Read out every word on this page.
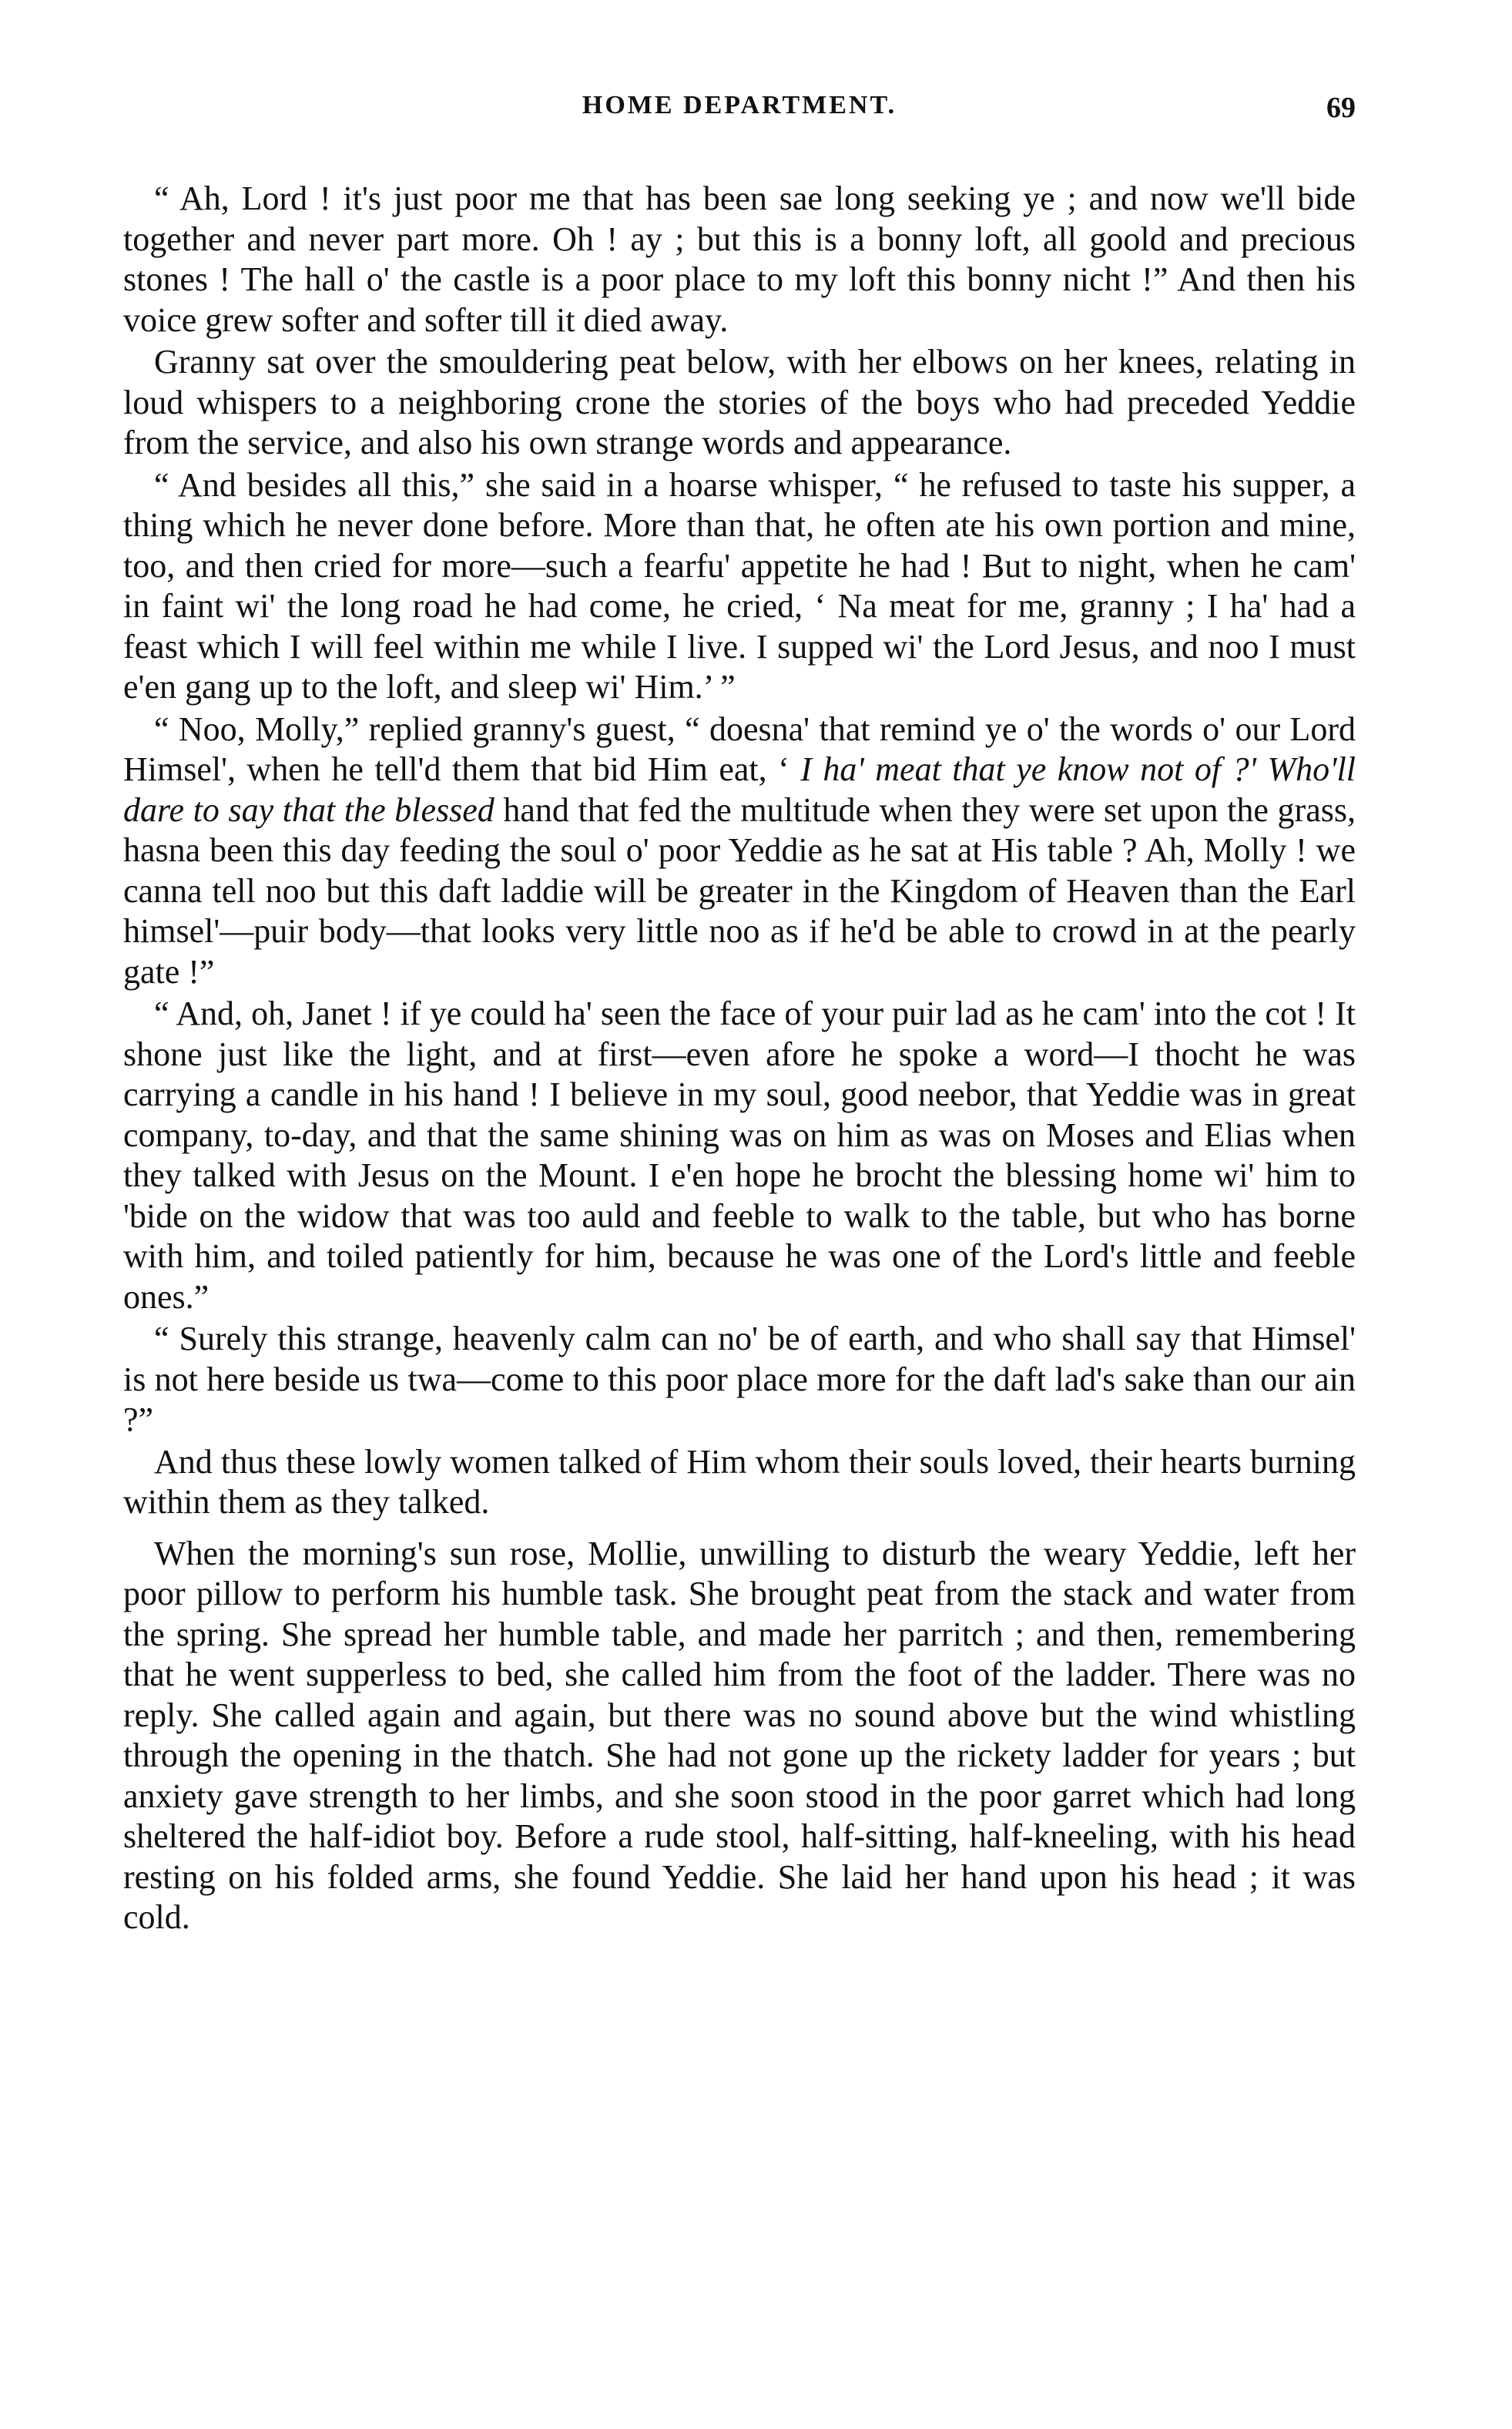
HOME DEPARTMENT.	69

“ Ah, Lord ! it's just poor me that has been sae long seeking ye ; and now we'll bide together and never part more. Oh ! ay ; but this is a bonny loft, all goold and precious stones ! The hall o' the castle is a poor place to my loft this bonny nicht !” And then his voice grew softer and softer till it died away.

Granny sat over the smouldering peat below, with her elbows on her knees, relating in loud whispers to a neighboring crone the stories of the boys who had preceded Yeddie from the service, and also his own strange words and appearance.

“ And besides all this,” she said in a hoarse whisper, “ he refused to taste his supper, a thing which he never done before. More than that, he often ate his own portion and mine, too, and then cried for more—such a fearfu' appetite he had ! But to night, when he cam' in faint wi' the long road he had come, he cried, ‘ Na meat for me, granny ; I ha' had a feast which I will feel within me while I live. I supped wi' the Lord Jesus, and noo I must e'en gang up to the loft, and sleep wi' Him.’ ”

“ Noo, Molly,” replied granny's guest, “ doesna' that remind ye o' the words o' our Lord Himsel', when he tell'd them that bid Him eat, ‘ I ha' meat that ye know not of ?' Who'll dare to say that the blessed hand that fed the multitude when they were set upon the grass, hasna been this day feeding the soul o' poor Yeddie as he sat at His table ? Ah, Molly ! we canna tell noo but this daft laddie will be greater in the Kingdom of Heaven than the Earl himsel'—puir body—that looks very little noo as if he'd be able to crowd in at the pearly gate !”

“ And, oh, Janet ! if ye could ha' seen the face of your puir lad as he cam' into the cot ! It shone just like the light, and at first—even afore he spoke a word—I thocht he was carrying a candle in his hand ! I believe in my soul, good neebor, that Yeddie was in great company, to-day, and that the same shining was on him as was on Moses and Elias when they talked with Jesus on the Mount. I e'en hope he brocht the blessing home wi' him to 'bide on the widow that was too auld and feeble to walk to the table, but who has borne with him, and toiled patiently for him, because he was one of the Lord's little and feeble ones.”

“ Surely this strange, heavenly calm can no' be of earth, and who shall say that Himsel' is not here beside us twa—come to this poor place more for the daft lad's sake than our ain ?”

And thus these lowly women talked of Him whom their souls loved, their hearts burning within them as they talked.

When the morning's sun rose, Mollie, unwilling to disturb the weary Yeddie, left her poor pillow to perform his humble task. She brought peat from the stack and water from the spring. She spread her humble table, and made her parritch ; and then, remembering that he went supperless to bed, she called him from the foot of the ladder. There was no reply. She called again and again, but there was no sound above but the wind whistling through the opening in the thatch. She had not gone up the rickety ladder for years ; but anxiety gave strength to her limbs, and she soon stood in the poor garret which had long sheltered the half-idiot boy. Before a rude stool, half-sitting, half-kneeling, with his head resting on his folded arms, she found Yeddie. She laid her hand upon his head ; it was cold.
